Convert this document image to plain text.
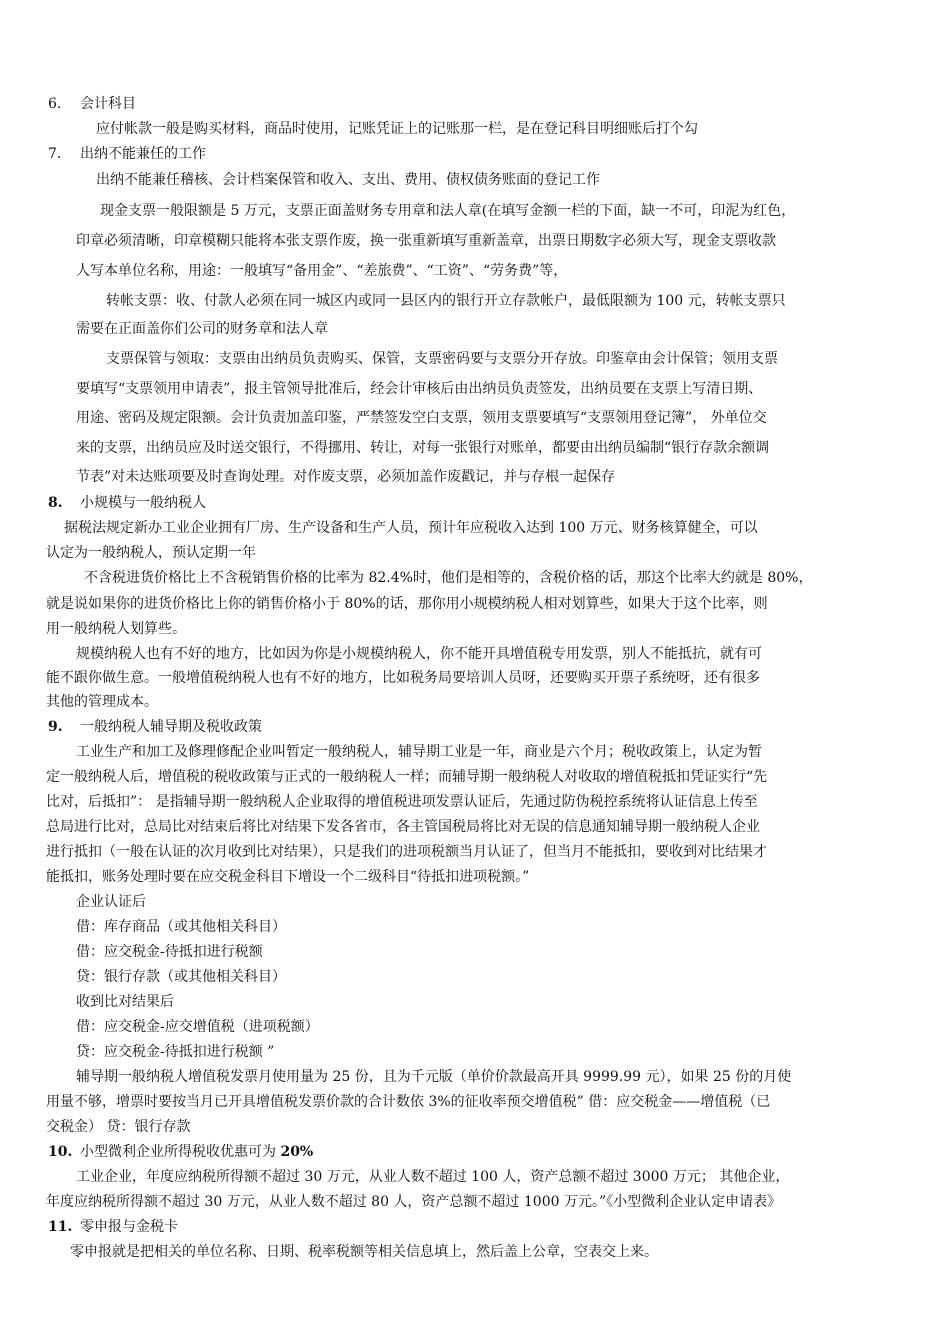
6. 会计科目
应付帐款一般是购买材料，商品时使用，记账凭证上的记账那一栏，是在登记科目明细账后打个勾
7. 出纳不能兼任的工作
出纳不能兼任稽核、会计档案保管和收入、支出、费用、债权债务账面的登记工作
现金支票一般限额是 5 万元，支票正面盖财务专用章和法人章(在填写金额一栏的下面，缺一不可，印泥为红色，
印章必须清晰，印章模糊只能将本张支票作废，换一张重新填写重新盖章，出票日期数字必须大写，现金支票收款
人写本单位名称，用途：一般填写“备用金”、“差旅费”、“工资”、“劳务费”等，
转帐支票：收、付款人必须在同一城区内或同一县区内的银行开立存款帐户，最低限额为 100 元，转帐支票只
需要在正面盖你们公司的财务章和法人章
支票保管与领取：支票由出纳员负责购买、保管，支票密码要与支票分开存放。印鉴章由会计保管；领用支票
要填写“支票领用申请表”，报主管领导批准后，经会计审核后由出纳员负责签发，出纳员要在支票上写清日期、
用途、密码及规定限额。会计负责加盖印鉴，严禁签发空白支票，领用支票要填写“支票领用登记簿”， 外单位交
来的支票，出纳员应及时送交银行，不得挪用、转让，对每一张银行对账单，都要由出纳员编制“银行存款余额调
节表”对未达账项要及时查询处理。对作废支票，必须加盖作废戳记，并与存根一起保存
8. 小规模与一般纳税人
据税法规定新办工业企业拥有厂房、生产设备和生产人员，预计年应税收入达到 100 万元、财务核算健全，可以
认定为一般纳税人，预认定期一年
不含税进货价格比上不含税销售价格的比率为 82.4%时，他们是相等的，含税价格的话，那这个比率大约就是 80%，
就是说如果你的进货价格比上你的销售价格小于 80%的话，那你用小规模纳税人相对划算些，如果大于这个比率，则
用一般纳税人划算些。
规模纳税人也有不好的地方，比如因为你是小规模纳税人，你不能开具增值税专用发票，别人不能抵抗，就有可
能不跟你做生意。一般增值税纳税人也有不好的地方，比如税务局要培训人员呀，还要购买开票子系统呀，还有很多
其他的管理成本。
9. 一般纳税人辅导期及税收政策
工业生产和加工及修理修配企业叫暂定一般纳税人，辅导期工业是一年，商业是六个月；税收政策上，认定为暂
定一般纳税人后，增值税的税收政策与正式的一般纳税人一样；而辅导期一般纳税人对收取的增值税抵扣凭证实行“先
比对，后抵扣”： 是指辅导期一般纳税人企业取得的增值税进项发票认证后，先通过防伪税控系统将认证信息上传至
总局进行比对，总局比对结束后将比对结果下发各省市，各主管国税局将比对无误的信息通知辅导期一般纳税人企业
进行抵扣（一般在认证的次月收到比对结果），只是我们的进项税额当月认证了，但当月不能抵扣，要收到对比结果才
能抵扣，账务处理时要在应交税金科目下增设一个二级科目“待抵扣进项税额。”
企业认证后
借：库存商品（或其他相关科目）
借：应交税金-待抵扣进行税额
贷：银行存款（或其他相关科目）
收到比对结果后
借：应交税金-应交增值税（进项税额）
贷：应交税金-待抵扣进行税额 ”
辅导期一般纳税人增值税发票月使用量为 25 份，且为千元版（单价价款最高开具 9999.99 元），如果 25 份的月使
用量不够，增票时要按当月已开具增值税发票价款的合计数依 3%的征收率预交增值税” 借：应交税金——增值税（已
交税金） 贷：银行存款
10. 小型微利企业所得税收优惠可为 20%
工业企业，年度应纳税所得额不超过 30 万元，从业人数不超过 100 人，资产总额不超过 3000 万元； 其他企业，
年度应纳税所得额不超过 30 万元，从业人数不超过 80 人，资产总额不超过 1000 万元。”《小型微利企业认定申请表》
11. 零申报与金税卡
零申报就是把相关的单位名称、日期、税率税额等相关信息填上，然后盖上公章，空表交上来。
